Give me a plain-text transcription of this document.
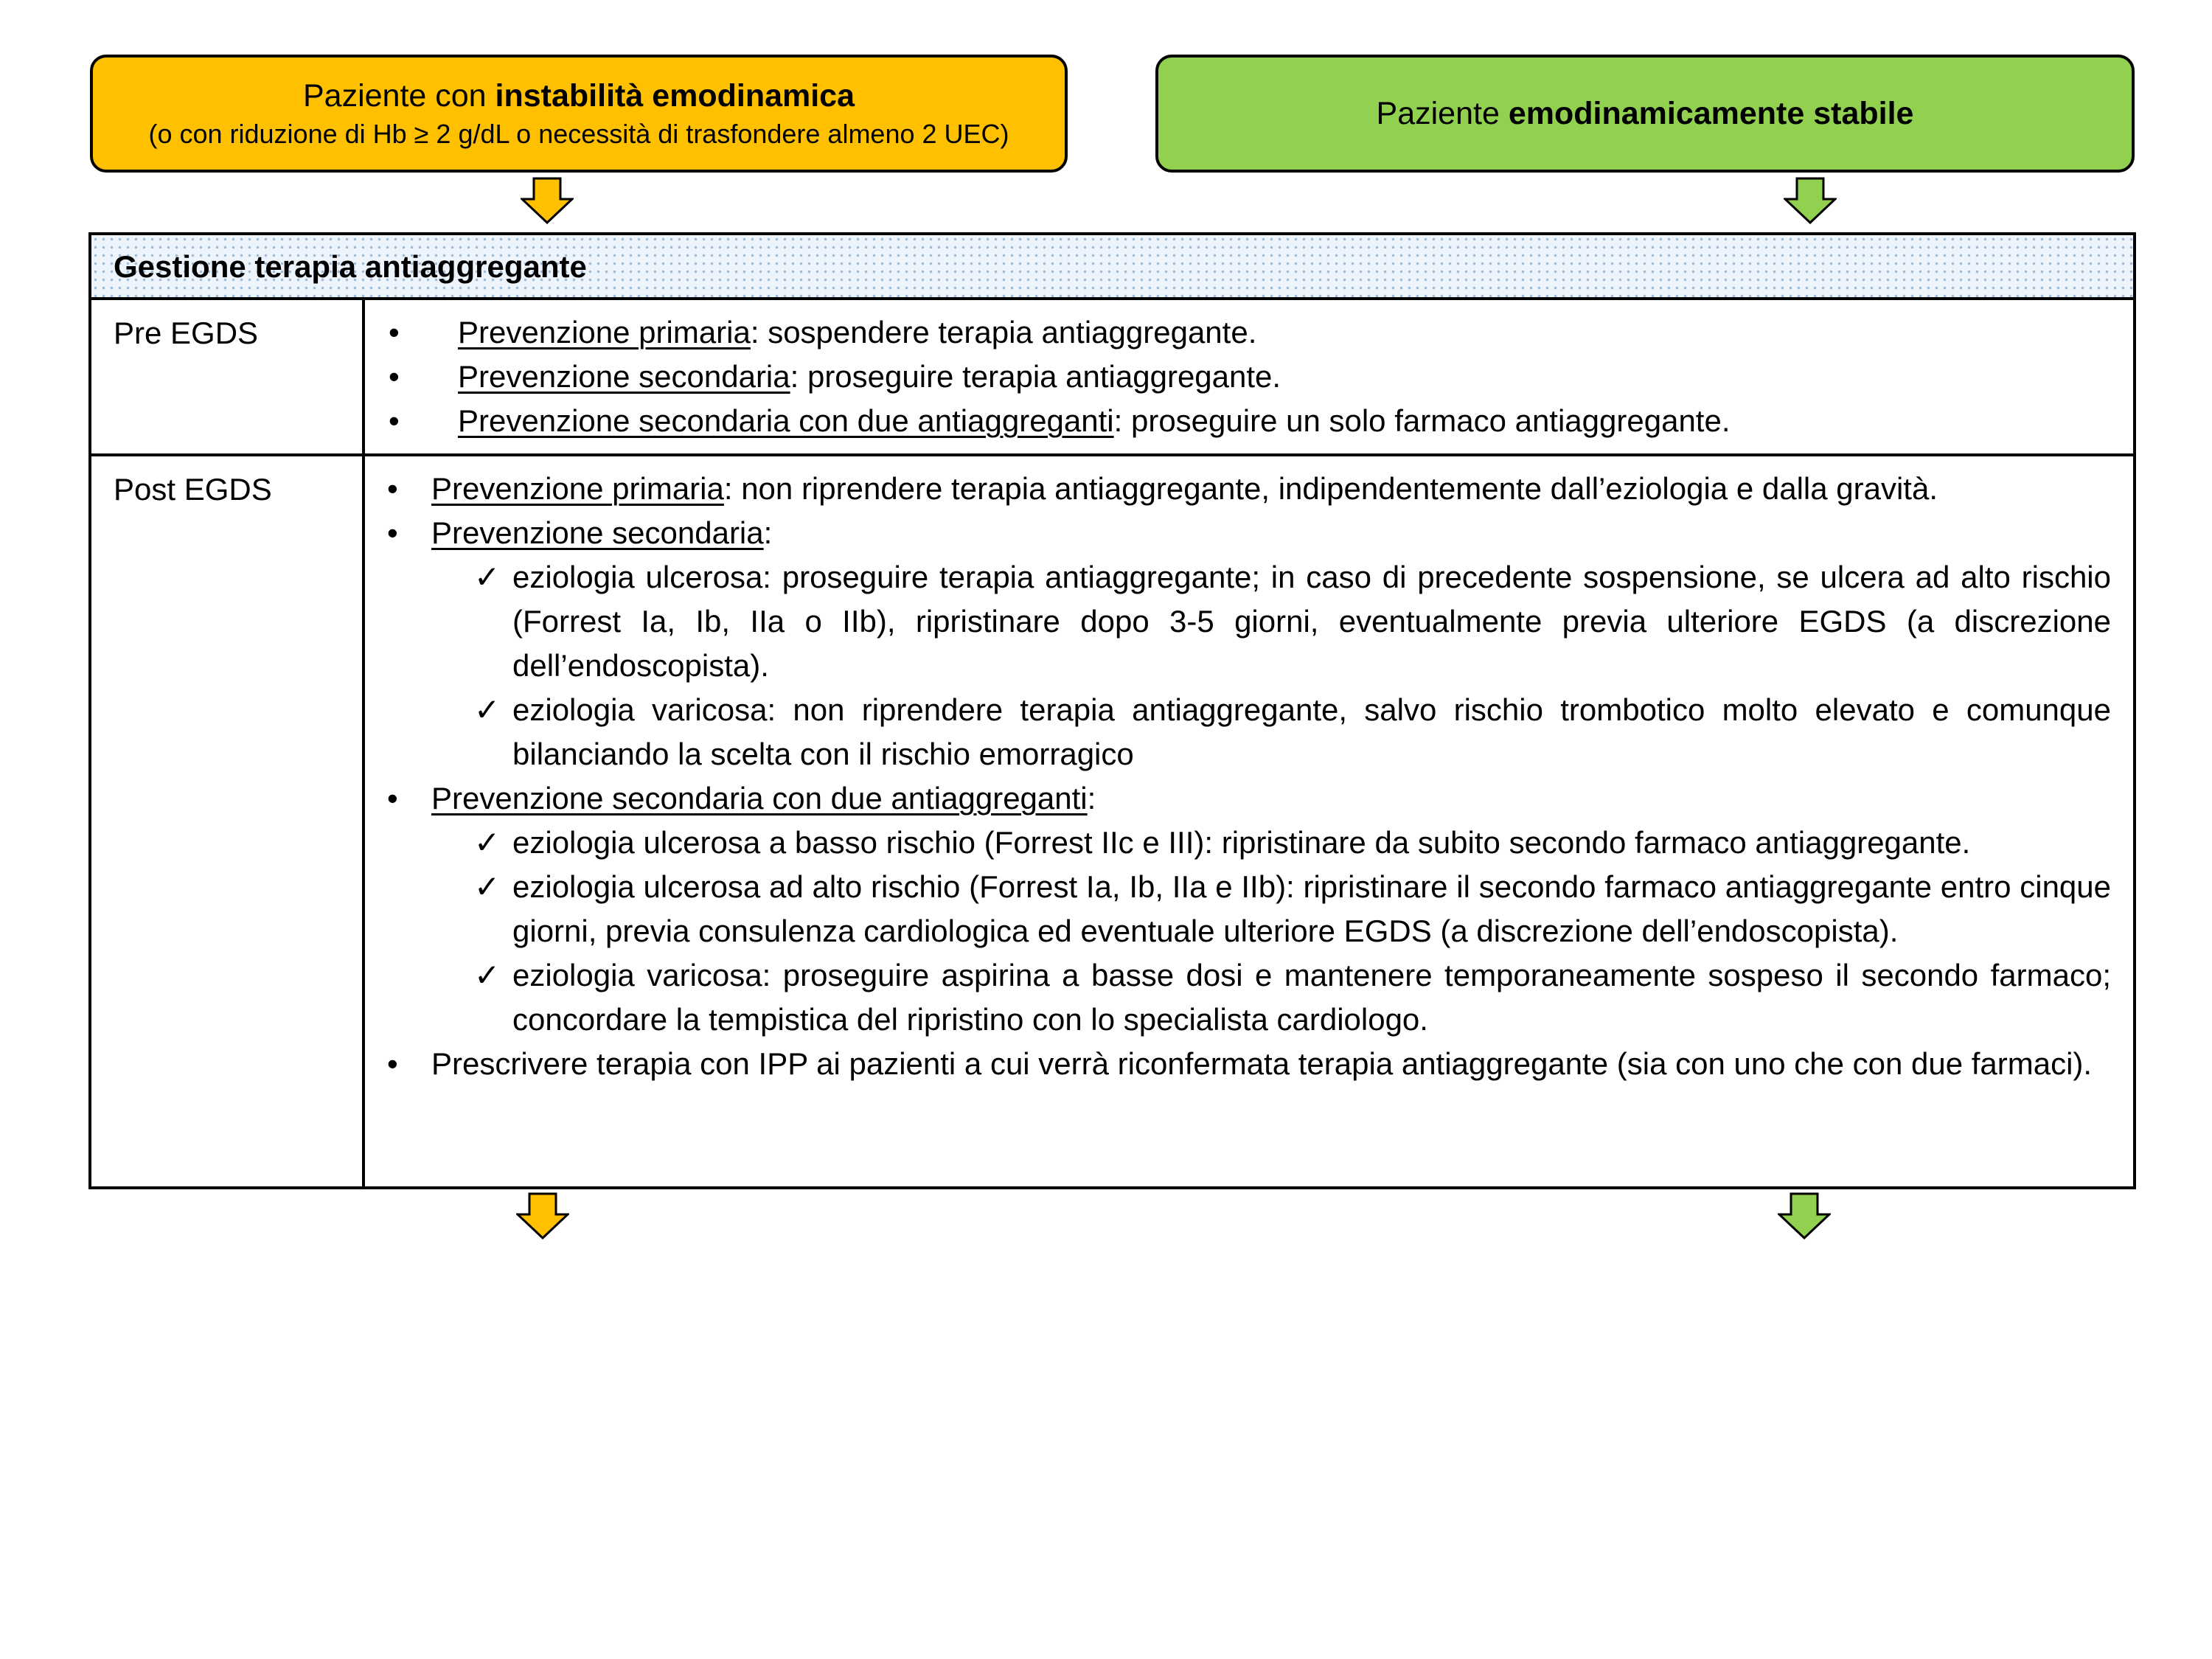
Paziente con instabilità emodinamica
(o con riduzione di Hb ≥ 2 g/dL o necessità di trasfondere almeno 2 UEC)
Paziente emodinamicamente stabile
Gestione terapia antiaggregante
Pre EGDS	• Prevenzione primaria: sospendere terapia antiaggregante.
• Prevenzione secondaria: proseguire terapia antiaggregante.
• Prevenzione secondaria con due antiaggreganti: proseguire un solo farmaco antiaggregante.
Post EGDS	• Prevenzione primaria: non riprendere terapia antiaggregante, indipendentemente dall’eziologia e dalla gravità.
• Prevenzione secondaria:
✓ eziologia ulcerosa: proseguire terapia antiaggregante; in caso di precedente sospensione, se ulcera ad alto rischio (Forrest Ia, Ib, IIa o IIb), ripristinare dopo 3-5 giorni, eventualmente previa ulteriore EGDS (a discrezione dell’endoscopista).
✓ eziologia varicosa: non riprendere terapia antiaggregante, salvo rischio trombotico molto elevato e comunque bilanciando la scelta con il rischio emorragico
• Prevenzione secondaria con due antiaggreganti:
✓ eziologia ulcerosa a basso rischio (Forrest IIc e III): ripristinare da subito secondo farmaco antiaggregante.
✓ eziologia ulcerosa ad alto rischio (Forrest Ia, Ib, IIa e IIb): ripristinare il secondo farmaco antiaggregante entro cinque giorni, previa consulenza cardiologica ed eventuale ulteriore EGDS (a discrezione dell’endoscopista).
✓ eziologia varicosa: proseguire aspirina a basse dosi e mantenere temporaneamente sospeso il secondo farmaco; concordare la tempistica del ripristino con lo specialista cardiologo.
• Prescrivere terapia con IPP ai pazienti a cui verrà riconfermata terapia antiaggregante (sia con uno che con due farmaci).
